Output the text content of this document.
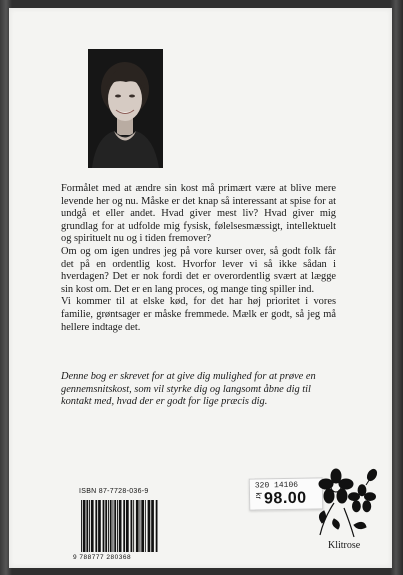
Formålet med at ændre sin kost må primært være at blive mere levende her og nu. Måske er det knap så interessant at spise for at undgå et eller andet. Hvad giver mest liv? Hvad giver mig grundlag for at udfolde mig fysisk, følelsesmæssigt, intellektuelt og spirituelt nu og i tiden fremover?

Om og om igen undres jeg på vore kurser over, så godt folk får det på en ordentlig kost. Hvorfor lever vi så ikke sådan i hverdagen? Det er nok fordi det er overordentlig svært at lægge sin kost om. Det er en lang proces, og mange ting spiller ind.

Vi kommer til at elske kød, for det har høj prioritet i vores familie, grøntsager er måske fremmede. Mælk er godt, så jeg må hellere indtage det.

Denne bog er skrevet for at give dig mulighed for at prøve en gennemsnitskost, som vil styrke dig og langsomt åbne dig til kontakt med, hvad der er godt for lige præcis dig.
ISBN 87-7728-036-9
9 788777 280368
320 14106
kr 98.00
Klitrose
